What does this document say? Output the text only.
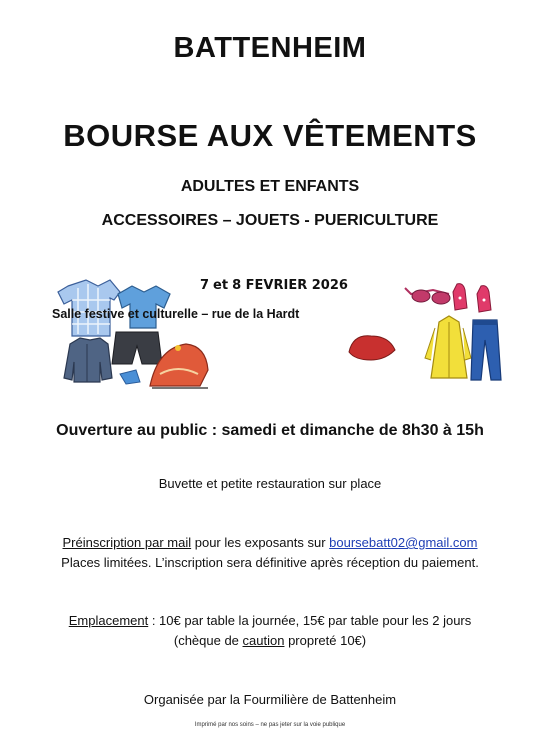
BATTENHEIM
BOURSE AUX VÊTEMENTS
ADULTES ET ENFANTS
ACCESSOIRES – JOUETS - PUERICULTURE
7 et 8 FEVRIER 2026
Salle festive et culturelle – rue de la Hardt
Ouverture au public : samedi et dimanche de 8h30 à 15h
Buvette et petite restauration sur place
Préinscription par mail pour les exposants sur boursebatt02@gmail.com
Places limitées. L’inscription sera définitive après réception du paiement.
Emplacement : 10€ par table la journée, 15€ par table pour les 2 jours
(chèque de caution propreté 10€)
Organisée par la Fourmilière de Battenheim
Imprimé par nos soins – ne pas jeter sur la voie publique
